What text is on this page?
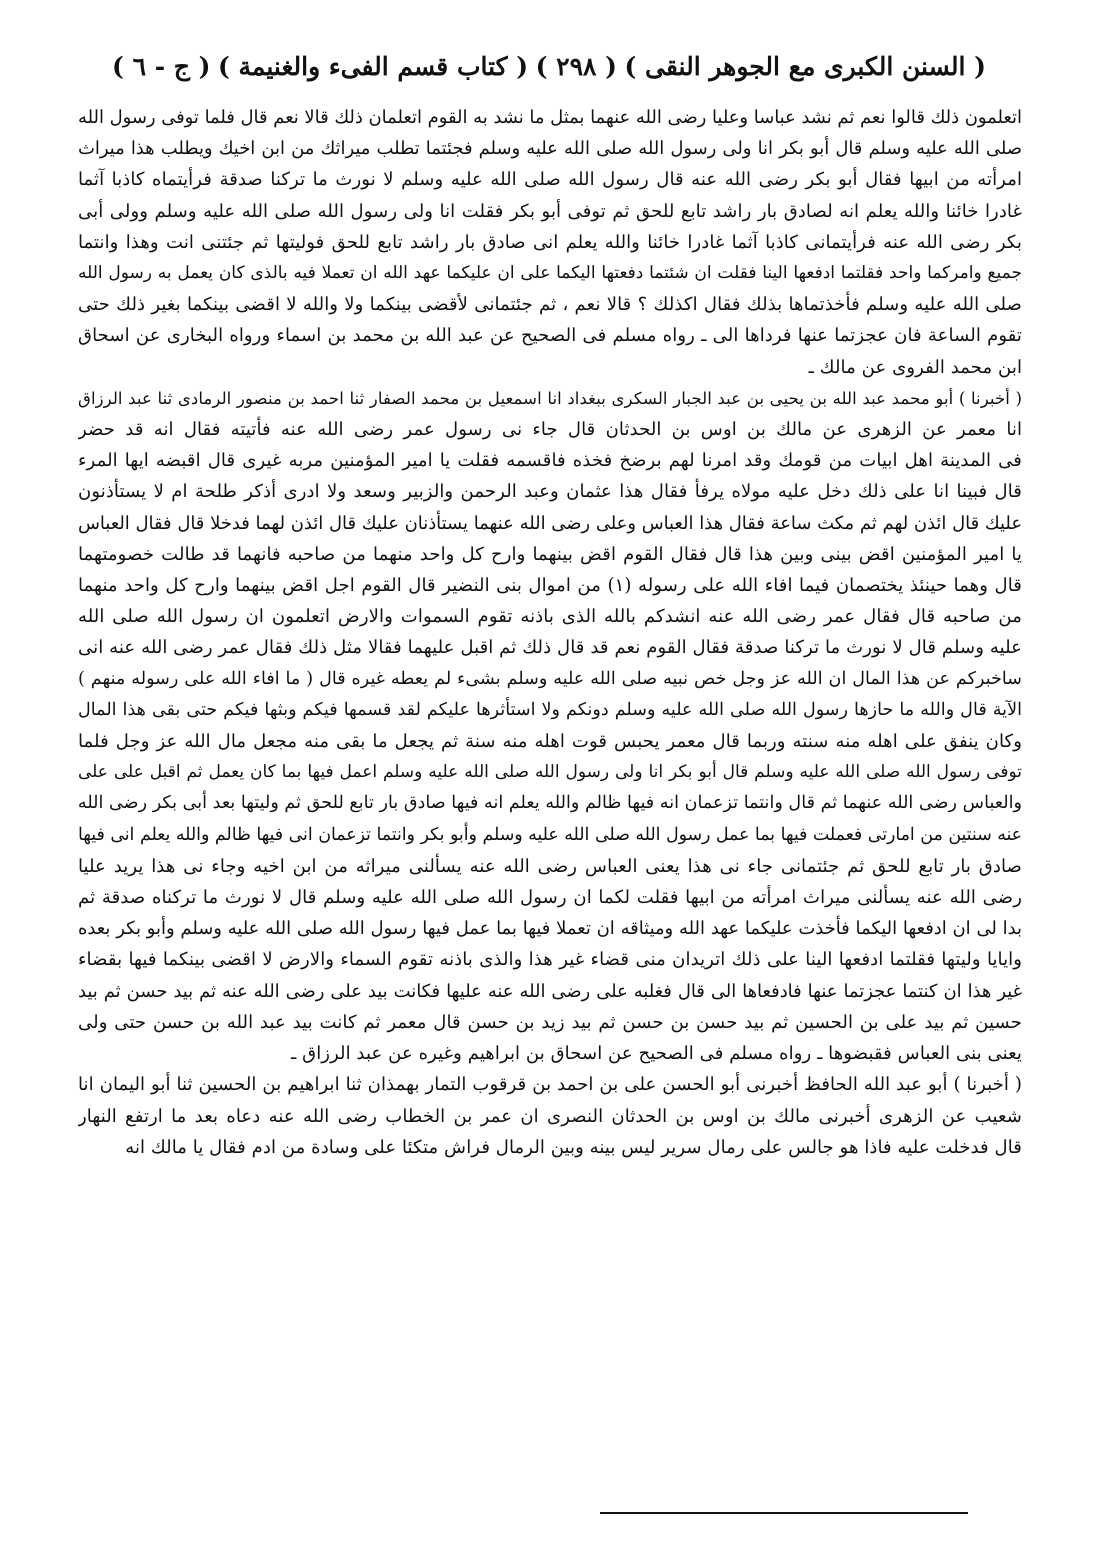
( السنن الكبرى مع الجوهر النقى )
( ٢٩٨ )
( كتاب قسم الفىء والغنيمة )
( ج - ٦ )

اتعلمون ذلك قالوا نعم ثم نشد عباسا وعليا رضى الله عنهما بمثل ما نشد به القوم اتعلمان ذلك قالا نعم قال فلما توفى رسول الله
صلى الله عليه وسلم قال أبو بكر انا ولى رسول الله صلى الله عليه وسلم فجئتما تطلب ميراثك من ابن اخيك ويطلب هذا ميراث
امرأته من ابيها فقال أبو بكر رضى الله عنه قال رسول الله صلى الله عليه وسلم لا نورث ما تركنا صدقة فرأيتماه كاذبا آثما
غادرا خائنا والله يعلم انه لصادق بار راشد تابع للحق ثم توفى أبو بكر فقلت انا ولى رسول الله صلى الله عليه وسلم وولى أبى
بكر رضى الله عنه فرأيتمانى كاذبا آثما غادرا خائنا والله يعلم انى صادق بار راشد تابع للحق فوليتها ثم جئتنى انت وهذا وانتما
جميع وامركما واحد فقلتما ادفعها الينا فقلت ان شئتما دفعتها اليكما على ان عليكما عهد الله ان تعملا فيه بالذى كان يعمل به رسول الله
صلى الله عليه وسلم فأخذتماها بذلك فقال اكذلك ؟ قالا نعم ، ثم جئتمانى لأقضى بينكما ولا والله لا اقضى بينكما بغير ذلك حتى
تقوم الساعة فان عجزتما عنها فرداها الى ـ رواه مسلم فى الصحيح عن عبد الله بن محمد بن اسماء ورواه البخارى عن اسحاق
ابن محمد الفروى عن مالك ـ

( أخبرنا ) أبو محمد عبد الله بن يحيى بن عبد الجبار السكرى ببغداد انا اسمعيل بن محمد الصفار ثنا احمد بن منصور الرمادى ثنا عبد الرزاق
انا معمر عن الزهرى عن مالك بن اوس بن الحدثان قال جاء نى رسول عمر رضى الله عنه فأتيته فقال انه قد حضر
فى المدينة اهل ابيات من قومك وقد امرنا لهم برضخ فخذه فاقسمه فقلت يا امير المؤمنين مربه غيرى قال اقبضه ايها المرء
قال فبينا انا على ذلك دخل عليه مولاه يرفأ فقال هذا عثمان وعبد الرحمن والزبير وسعد ولا ادرى أذكر طلحة ام لا يستأذنون
عليك قال ائذن لهم ثم مكث ساعة فقال هذا العباس وعلى رضى الله عنهما يستأذنان عليك قال ائذن لهما فدخلا قال فقال العباس
يا امير المؤمنين اقض بينى وبين هذا قال فقال القوم اقض بينهما وارح كل واحد منهما من صاحبه فانهما قد طالت خصومتهما
قال وهما حينئذ يختصمان فيما افاء الله على رسوله (١) من اموال بنى النضير قال القوم اجل اقض بينهما وارح كل واحد منهما
من صاحبه قال فقال عمر رضى الله عنه انشدكم بالله الذى باذنه تقوم السموات والارض اتعلمون ان رسول الله صلى الله
عليه وسلم قال لا نورث ما تركنا صدقة فقال القوم نعم قد قال ذلك ثم اقبل عليهما فقالا مثل ذلك فقال عمر رضى الله عنه انى
ساخبركم عن هذا المال ان الله عز وجل خص نبيه صلى الله عليه وسلم بشىء لم يعطه غيره قال ( ما افاء الله على رسوله منهم )
الآية قال والله ما حازها رسول الله صلى الله عليه وسلم دونكم ولا استأثرها عليكم لقد قسمها فيكم وبثها فيكم حتى بقى هذا المال
وكان ينفق على اهله منه سنته وربما قال معمر يحبس قوت اهله منه سنة ثم يجعل ما بقى منه مجعل مال الله عز وجل فلما
توفى رسول الله صلى الله عليه وسلم قال أبو بكر انا ولى رسول الله صلى الله عليه وسلم اعمل فيها بما كان يعمل ثم اقبل على على
والعباس رضى الله عنهما ثم قال وانتما تزعمان انه فيها ظالم والله يعلم انه فيها صادق بار تابع للحق ثم وليتها بعد أبى بكر رضى الله
عنه سنتين من امارتى فعملت فيها بما عمل رسول الله صلى الله عليه وسلم وأبو بكر وانتما تزعمان انى فيها ظالم والله يعلم انى فيها
صادق بار تابع للحق ثم جئتمانى جاء نى هذا يعنى العباس رضى الله عنه يسألنى ميراثه من ابن اخيه وجاء نى هذا يريد عليا
رضى الله عنه يسألنى ميراث امرأته من ابيها فقلت لكما ان رسول الله صلى الله عليه وسلم قال لا نورث ما تركناه صدقة ثم
بدا لى ان ادفعها اليكما فأخذت عليكما عهد الله وميثاقه ان تعملا فيها بما عمل فيها رسول الله صلى الله عليه وسلم وأبو بكر بعده
وايايا وليتها فقلتما ادفعها الينا على ذلك اتريدان منى قضاء غير هذا والذى باذنه تقوم السماء والارض لا اقضى بينكما فيها بقضاء
غير هذا ان كنتما عجزتما عنها فادفعاها الى قال فغلبه على رضى الله عنه عليها فكانت بيد على رضى الله عنه ثم بيد حسن ثم بيد
حسين ثم بيد على بن الحسين ثم بيد حسن بن حسن ثم بيد زيد بن حسن قال معمر ثم كانت بيد عبد الله بن حسن حتى ولى
يعنى بنى العباس فقبضوها ـ رواه مسلم فى الصحيح عن اسحاق بن ابراهيم وغيره عن عبد الرزاق ـ

( أخبرنا ) أبو عبد الله الحافظ أخبرنى أبو الحسن على بن احمد بن قرقوب التمار بهمذان ثنا ابراهيم بن الحسين ثنا أبو اليمان انا
شعيب عن الزهرى أخبرنى مالك بن اوس بن الحدثان النصرى ان عمر بن الخطاب رضى الله عنه دعاه بعد ما ارتفع النهار
قال فدخلت عليه فاذا هو جالس على رمال سرير ليس بينه وبين الرمال فراش متكئا على وسادة من ادم فقال يا مالك انه
